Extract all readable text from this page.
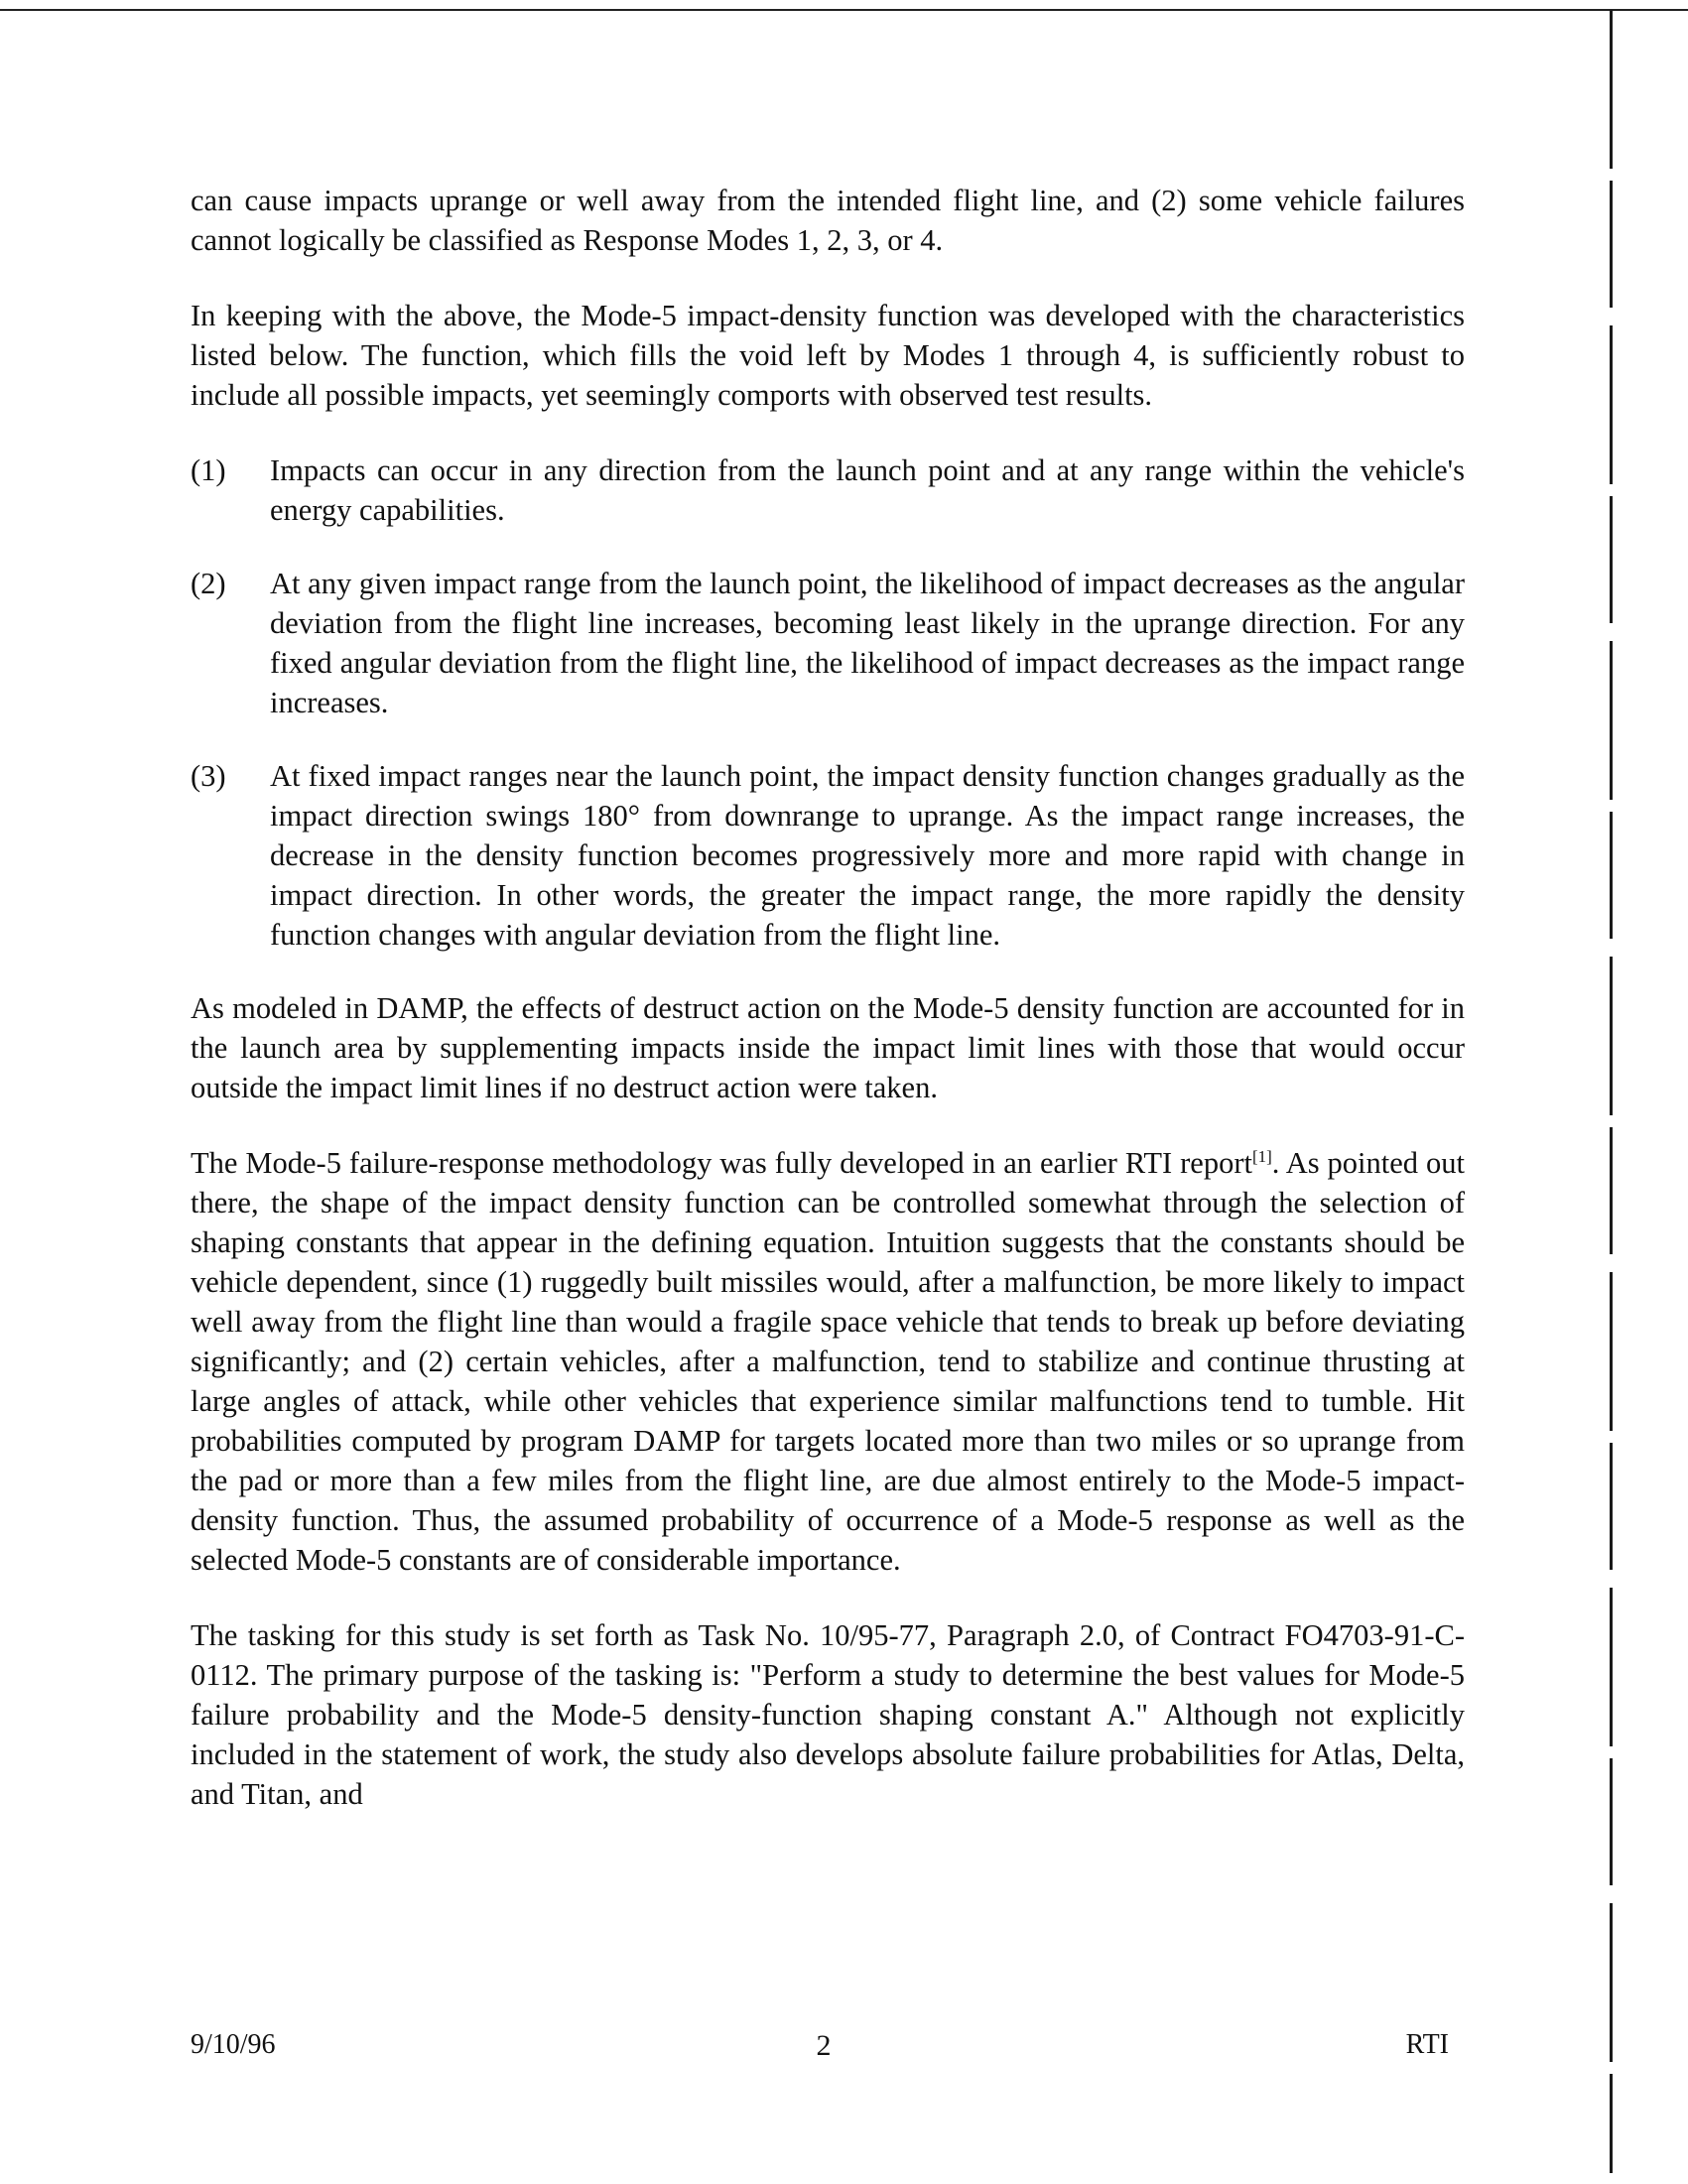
can cause impacts uprange or well away from the intended flight line, and (2) some vehicle failures cannot logically be classified as Response Modes 1, 2, 3, or 4.

In keeping with the above, the Mode-5 impact-density function was developed with the characteristics listed below. The function, which fills the void left by Modes 1 through 4, is sufficiently robust to include all possible impacts, yet seemingly comports with observed test results.

(1) Impacts can occur in any direction from the launch point and at any range within the vehicle's energy capabilities.
(2) At any given impact range from the launch point, the likelihood of impact decreases as the angular deviation from the flight line increases, becoming least likely in the uprange direction. For any fixed angular deviation from the flight line, the likelihood of impact decreases as the impact range increases.
(3) At fixed impact ranges near the launch point, the impact density function changes gradually as the impact direction swings 180° from downrange to uprange. As the impact range increases, the decrease in the density function becomes progressively more and more rapid with change in impact direction. In other words, the greater the impact range, the more rapidly the density function changes with angular deviation from the flight line.

As modeled in DAMP, the effects of destruct action on the Mode-5 density function are accounted for in the launch area by supplementing impacts inside the impact limit lines with those that would occur outside the impact limit lines if no destruct action were taken.

The Mode-5 failure-response methodology was fully developed in an earlier RTI report[1]. As pointed out there, the shape of the impact density function can be controlled somewhat through the selection of shaping constants that appear in the defining equation. Intuition suggests that the constants should be vehicle dependent, since (1) ruggedly built missiles would, after a malfunction, be more likely to impact well away from the flight line than would a fragile space vehicle that tends to break up before deviating significantly; and (2) certain vehicles, after a malfunction, tend to stabilize and continue thrusting at large angles of attack, while other vehicles that experience similar malfunctions tend to tumble. Hit probabilities computed by program DAMP for targets located more than two miles or so uprange from the pad or more than a few miles from the flight line, are due almost entirely to the Mode-5 impact-density function. Thus, the assumed probability of occurrence of a Mode-5 response as well as the selected Mode-5 constants are of considerable importance.

The tasking for this study is set forth as Task No. 10/95-77, Paragraph 2.0, of Contract FO4703-91-C-0112. The primary purpose of the tasking is: "Perform a study to determine the best values for Mode-5 failure probability and the Mode-5 density-function shaping constant A." Although not explicitly included in the statement of work, the study also develops absolute failure probabilities for Atlas, Delta, and Titan, and

9/10/96	2	RTI
